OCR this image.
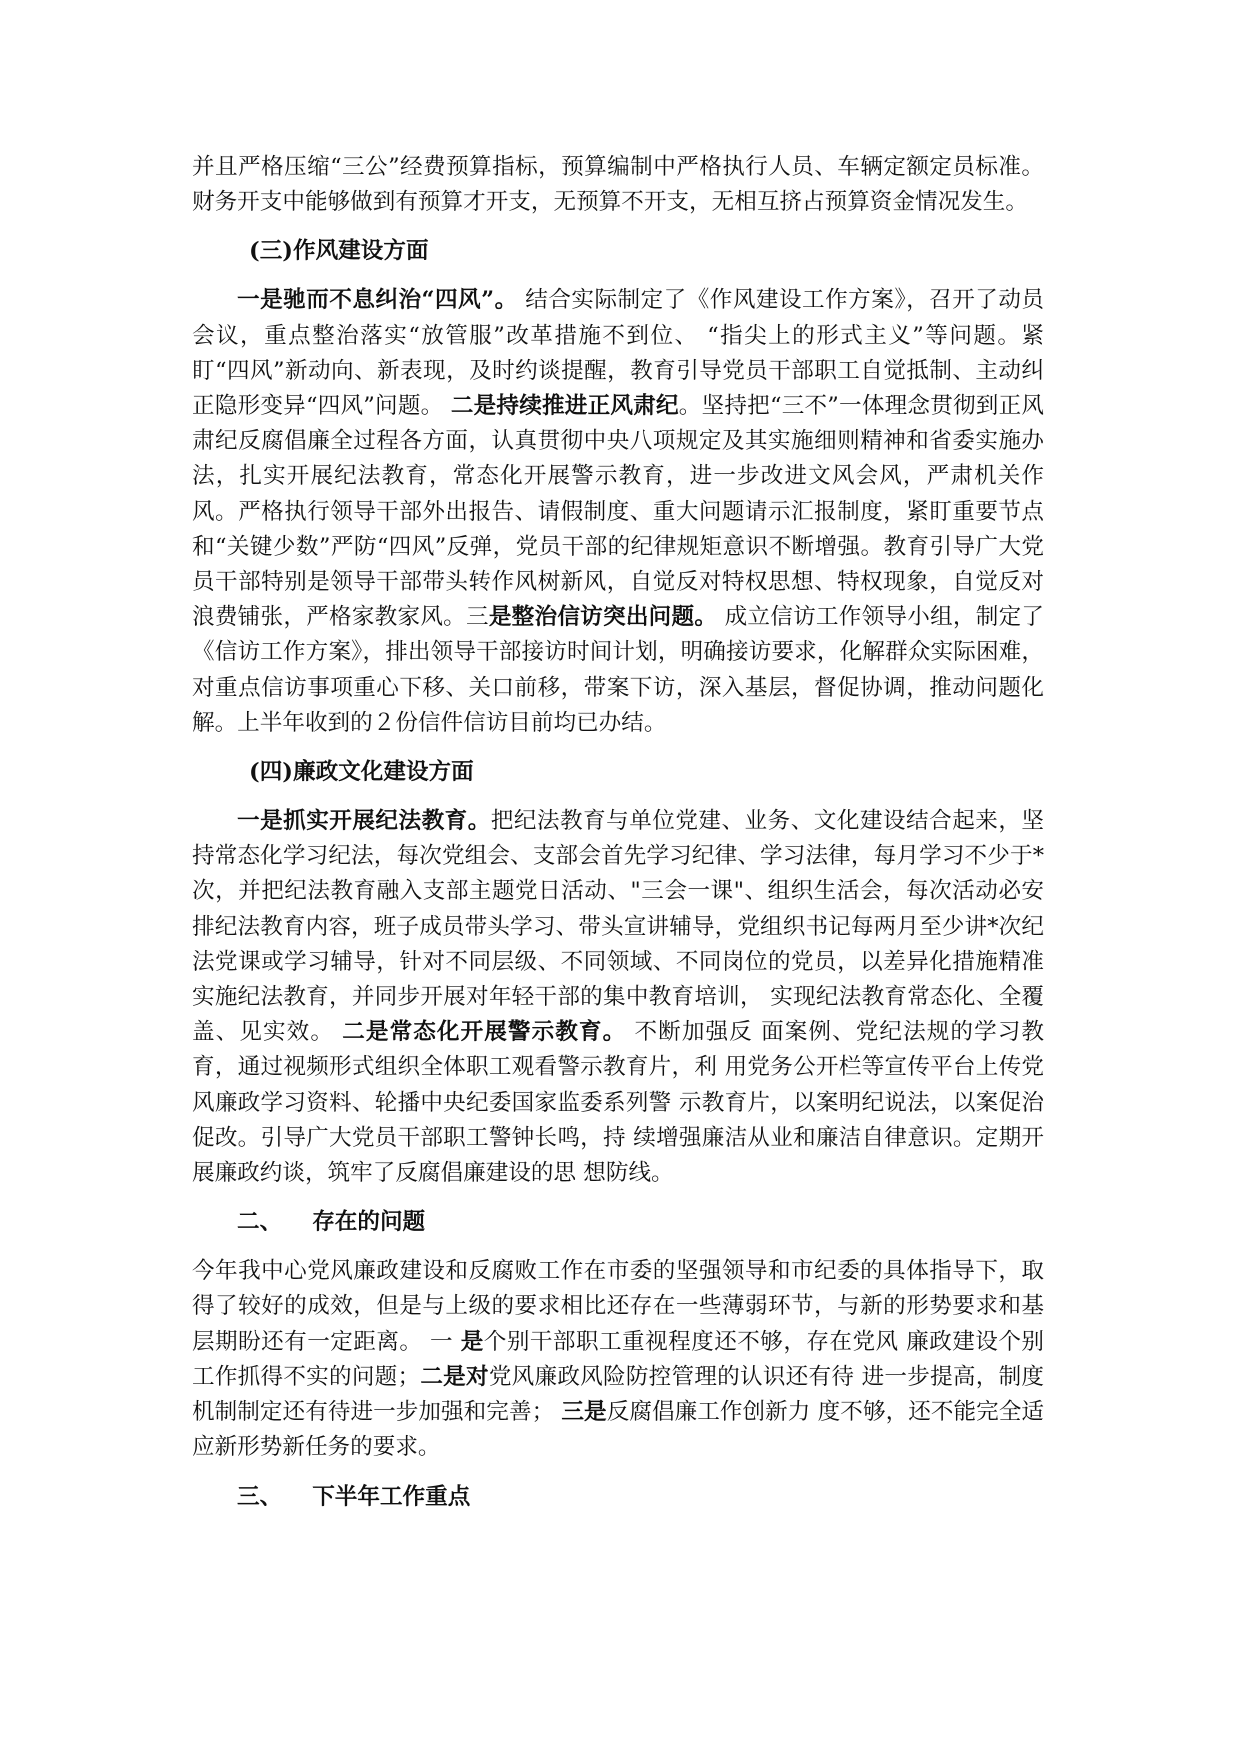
并且严格压缩“三公”经费预算指标，预算编制中严格执行人员、车辆定额定员标准。财务开支中能够做到有预算才开支，无预算不开支，无相互挤占预算资金情况发生。

(三)作风建设方面

一是驰而不息纠治“四风”。 结合实际制定了《作风建设工作方案》，召开了动员会议，重点整治落实“放管服”改革措施不到位、 “指尖上的形式主义”等问题。紧盯“四风”新动向、新表现，及时约谈提醒，教育引导党员干部职工自觉抵制、主动纠正隐形变异“四风”问题。 二是持续推进正风肃纪。坚持把“三不”一体理念贯彻到正风肃纪反腐倡廉全过程各方面，认真贯彻中央八项规定及其实施细则精神和省委实施办法，扎实开展纪法教育，常态化开展警示教育，进一步改进文风会风，严肃机关作风。严格执行领导干部外出报告、请假制度、重大问题请示汇报制度，紧盯重要节点和“关键少数”严防“四风”反弹，党员干部的纪律规矩意识不断增强。教育引导广大党员干部特别是领导干部带头转作风树新风，自觉反对特权思想、特权现象，自觉反对浪费铺张，严格家教家风。三是整治信访突出问题。 成立信访工作领导小组，制定了《信访工作方案》，排出领导干部接访时间计划，明确接访要求，化解群众实际困难，对重点信访事项重心下移、关口前移，带案下访，深入基层，督促协调，推动问题化解。上半年收到的２份信件信访目前均已办结。

(四)廉政文化建设方面

一是抓实开展纪法教育。把纪法教育与单位党建、业务、文化建设结合起来，坚持常态化学习纪法，每次党组会、支部会首先学习纪律、学习法律，每月学习不少于*次，并把纪法教育融入支部主题党日活动、"三会一课"、组织生活会，每次活动必安排纪法教育内容，班子成员带头学习、带头宣讲辅导，党组织书记每两月至少讲*次纪法党课或学习辅导，针对不同层级、不同领域、不同岗位的党员，以差异化措施精准实施纪法教育，并同步开展对年轻干部的集中教育培训， 实现纪法教育常态化、全覆盖、见实效。 二是常态化开展警示教育。 不断加强反 面案例、党纪法规的学习教育，通过视频形式组织全体职工观看警示教育片，利 用党务公开栏等宣传平台上传党风廉政学习资料、轮播中央纪委国家监委系列警 示教育片，以案明纪说法，以案促治促改。引导广大党员干部职工警钟长鸣，持 续增强廉洁从业和廉洁自律意识。定期开展廉政约谈，筑牢了反腐倡廉建设的思 想防线。

二、 存在的问题

今年我中心党风廉政建设和反腐败工作在市委的坚强领导和市纪委的具体指导下，取得了较好的成效，但是与上级的要求相比还存在一些薄弱环节，与新的形势要求和基层期盼还有一定距离。 一 是个别干部职工重视程度还不够，存在党风 廉政建设个别工作抓得不实的问题；二是对党风廉政风险防控管理的认识还有待 进一步提高，制度机制制定还有待进一步加强和完善； 三是反腐倡廉工作创新力 度不够，还不能完全适应新形势新任务的要求。

三、 下半年工作重点
